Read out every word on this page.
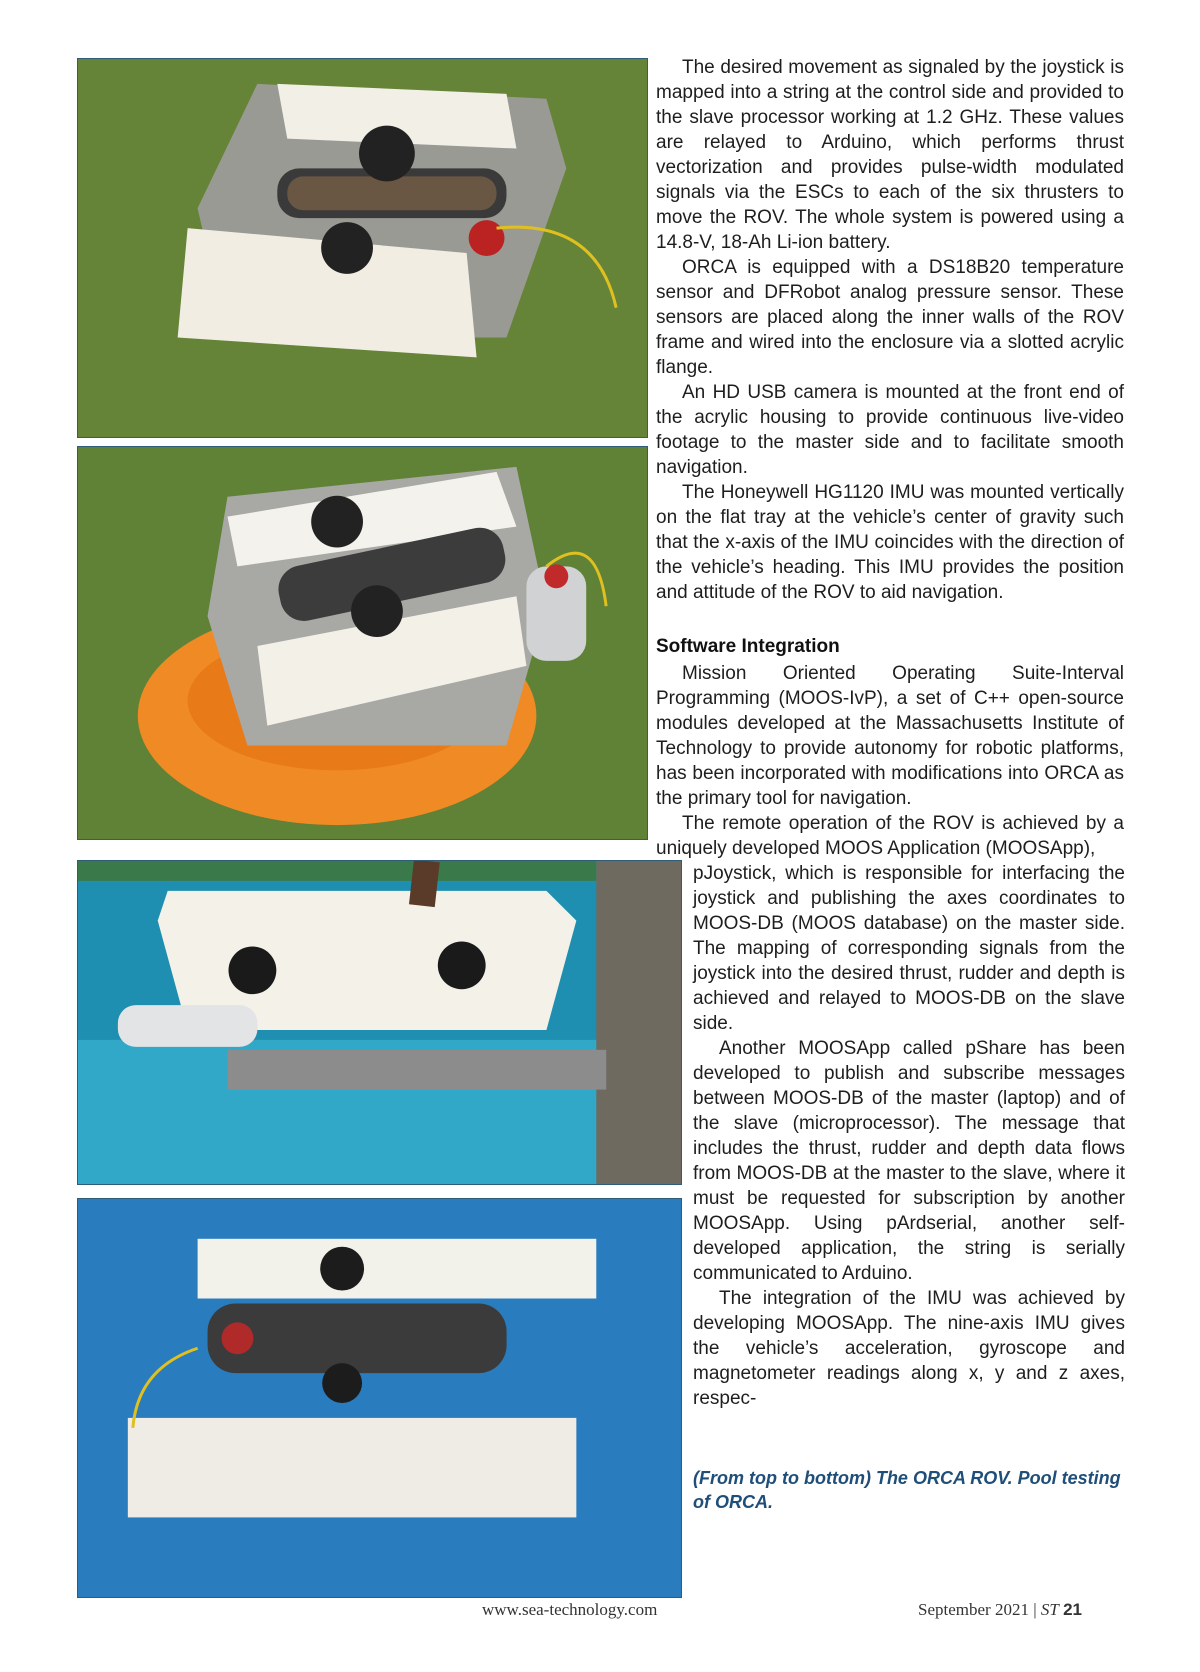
The desired movement as signaled by the joystick is mapped into a string at the control side and provided to the slave processor working at 1.2 GHz. These values are relayed to Arduino, which performs thrust vectorization and provides pulse-width modulated signals via the ESCs to each of the six thrusters to move the ROV. The whole system is powered using a 14.8-V, 18-Ah Li-ion battery.

ORCA is equipped with a DS18B20 temperature sensor and DFRobot analog pressure sensor. These sensors are placed along the inner walls of the ROV frame and wired into the enclosure via a slotted acrylic flange.

An HD USB camera is mounted at the front end of the acrylic housing to provide continuous live-video footage to the master side and to facilitate smooth navigation.

The Honeywell HG1120 IMU was mounted vertically on the flat tray at the vehicle’s center of gravity such that the x-axis of the IMU coincides with the direction of the vehicle’s heading. This IMU provides the position and attitude of the ROV to aid navigation.

Software Integration

Mission Oriented Operating Suite-Interval Programming (MOOS-IvP), a set of C++ open-source modules developed at the Massachusetts Institute of Technology to provide autonomy for robotic platforms, has been incorporated with modifications into ORCA as the primary tool for navigation.

The remote operation of the ROV is achieved by a uniquely developed MOOS Application (MOOSApp),

pJoystick, which is responsible for interfacing the joystick and publishing the axes coordinates to MOOS-DB (MOOS database) on the master side. The mapping of corresponding signals from the joystick into the desired thrust, rudder and depth is achieved and relayed to MOOS-DB on the slave side.

Another MOOSApp called pShare has been developed to publish and subscribe messages between MOOS-DB of the master (laptop) and of the slave (microprocessor). The message that includes the thrust, rudder and depth data flows from MOOS-DB at the master to the slave, where it must be requested for subscription by another MOOSApp. Using pArdserial, another self-developed application, the string is serially communicated to Arduino.

The integration of the IMU was achieved by developing MOOSApp. The nine-axis IMU gives the vehicle’s acceleration, gyroscope and magnetometer readings along x, y and z axes, respec-

(From top to bottom) The ORCA ROV. Pool testing of ORCA.
www.sea-technology.com	September 2021 | ST 21
